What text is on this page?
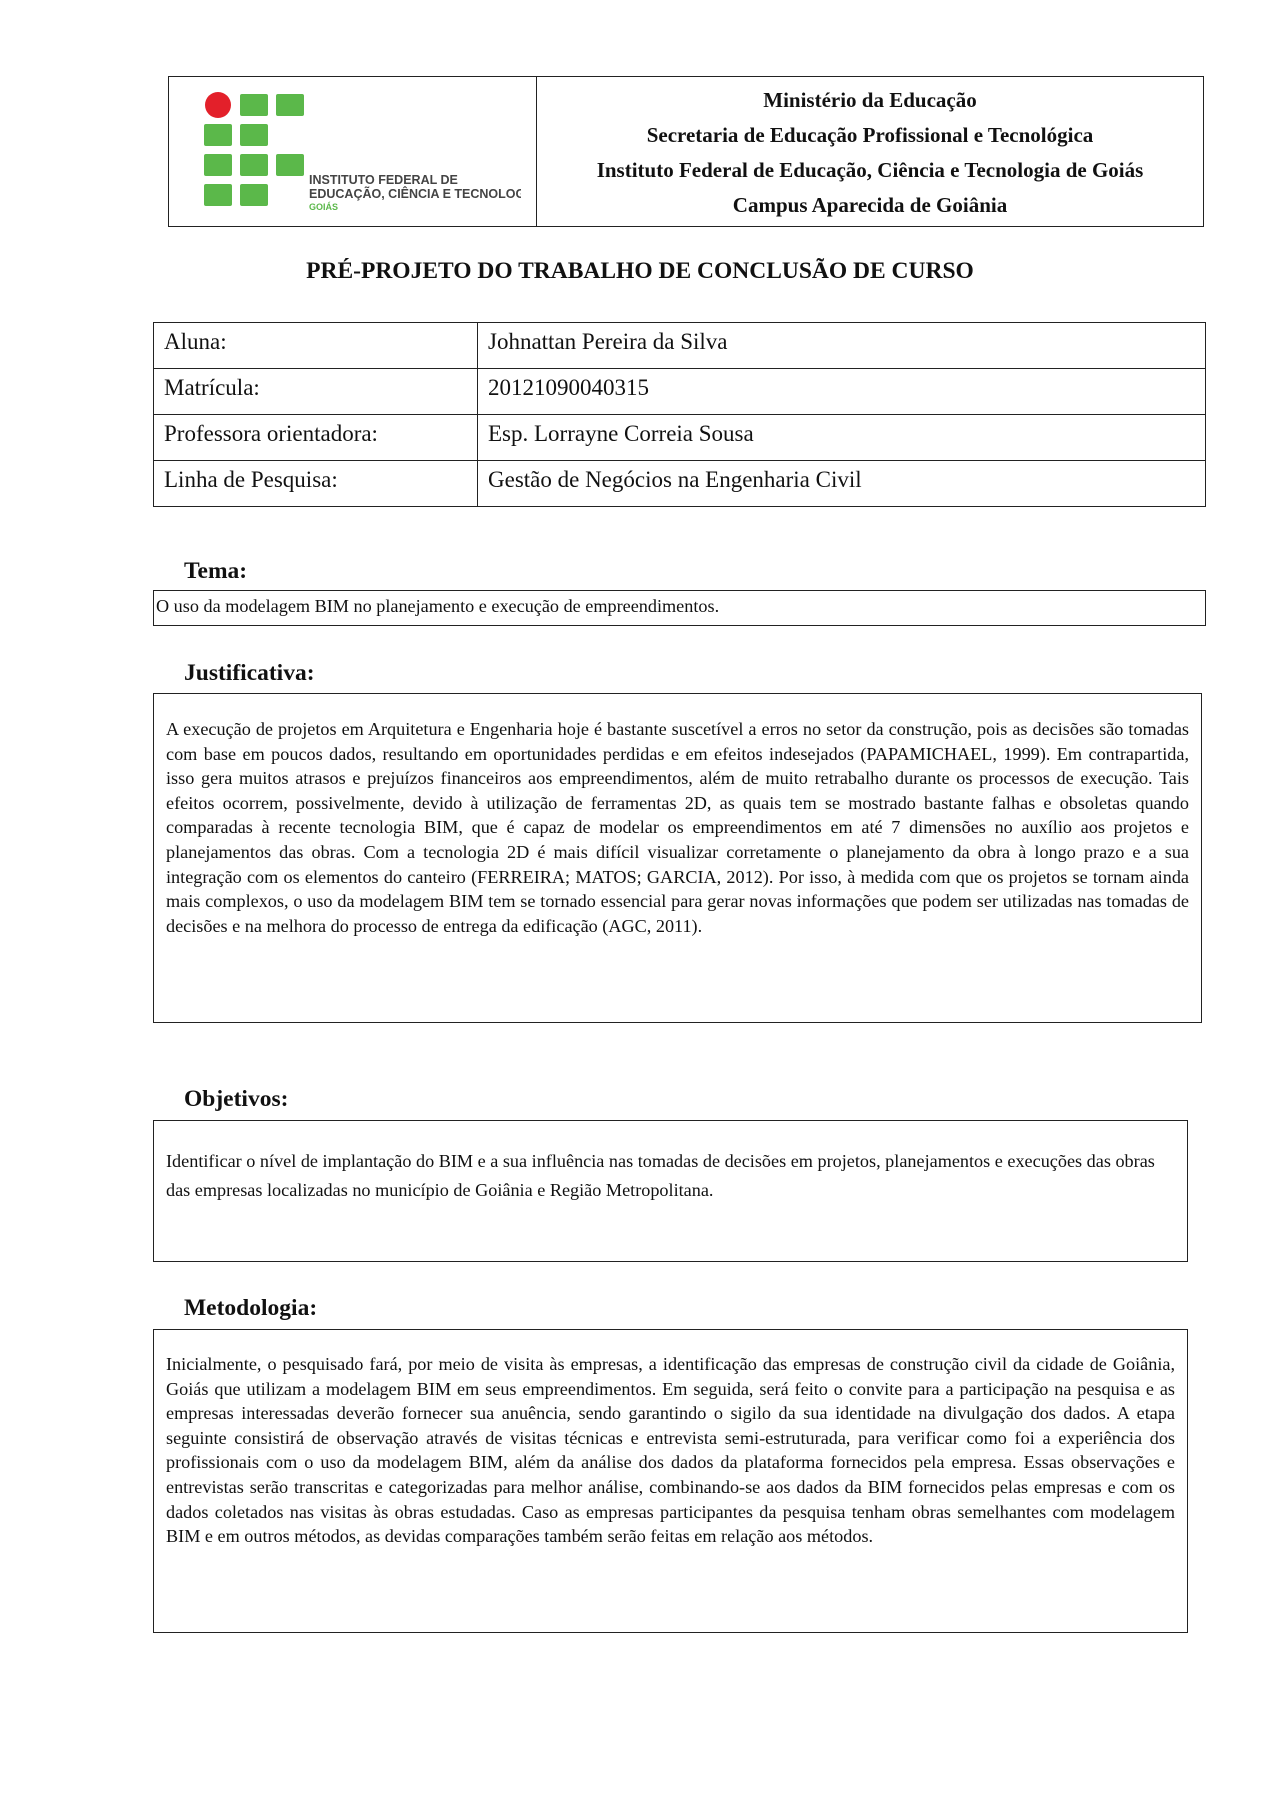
INSTITUTO FEDERAL DE
EDUCAÇÃO, CIÊNCIA E TECNOLOGIA
GOIÁS
Ministério da Educação
Secretaria de Educação Profissional e Tecnológica
Instituto Federal de Educação, Ciência e Tecnologia de Goiás
Campus Aparecida de Goiânia
PRÉ-PROJETO DO TRABALHO DE CONCLUSÃO DE CURSO
Aluna:	Johnattan Pereira da Silva
Matrícula:	20121090040315
Professora orientadora:	Esp. Lorrayne Correia Sousa
Linha de Pesquisa:	Gestão de Negócios na Engenharia Civil
Tema:
O uso da modelagem BIM no planejamento e execução de empreendimentos.
Justificativa:
A execução de projetos em Arquitetura e Engenharia hoje é bastante suscetível a erros no setor da construção, pois as decisões são tomadas com base em poucos dados, resultando em oportunidades perdidas e em efeitos indesejados (PAPAMICHAEL, 1999). Em contrapartida, isso gera muitos atrasos e prejuízos financeiros aos empreendimentos, além de muito retrabalho durante os processos de execução. Tais efeitos ocorrem, possivelmente, devido à utilização de ferramentas 2D, as quais tem se mostrado bastante falhas e obsoletas quando comparadas à recente tecnologia BIM, que é capaz de modelar os empreendimentos em até 7 dimensões no auxílio aos projetos e planejamentos das obras. Com a tecnologia 2D é mais difícil visualizar corretamente o planejamento da obra à longo prazo e a sua integração com os elementos do canteiro (FERREIRA; MATOS; GARCIA, 2012). Por isso, à medida com que os projetos se tornam ainda mais complexos, o uso da modelagem BIM tem se tornado essencial para gerar novas informações que podem ser utilizadas nas tomadas de decisões e na melhora do processo de entrega da edificação (AGC, 2011).
Objetivos:
Identificar o nível de implantação do BIM e a sua influência nas tomadas de decisões em projetos, planejamentos e execuções das obras das empresas localizadas no município de Goiânia e Região Metropolitana.
Metodologia:
Inicialmente, o pesquisado fará, por meio de visita às empresas, a identificação das empresas de construção civil da cidade de Goiânia, Goiás que utilizam a modelagem BIM em seus empreendimentos. Em seguida, será feito o convite para a participação na pesquisa e as empresas interessadas deverão fornecer sua anuência, sendo garantindo o sigilo da sua identidade na divulgação dos dados. A etapa seguinte consistirá de observação através de visitas técnicas e entrevista semi-estruturada, para verificar como foi a experiência dos profissionais com o uso da modelagem BIM, além da análise dos dados da plataforma fornecidos pela empresa. Essas observações e entrevistas serão transcritas e categorizadas para melhor análise, combinando-se aos dados da BIM fornecidos pelas empresas e com os dados coletados nas visitas às obras estudadas. Caso as empresas participantes da pesquisa tenham obras semelhantes com modelagem BIM e em outros métodos, as devidas comparações também serão feitas em relação aos métodos.
